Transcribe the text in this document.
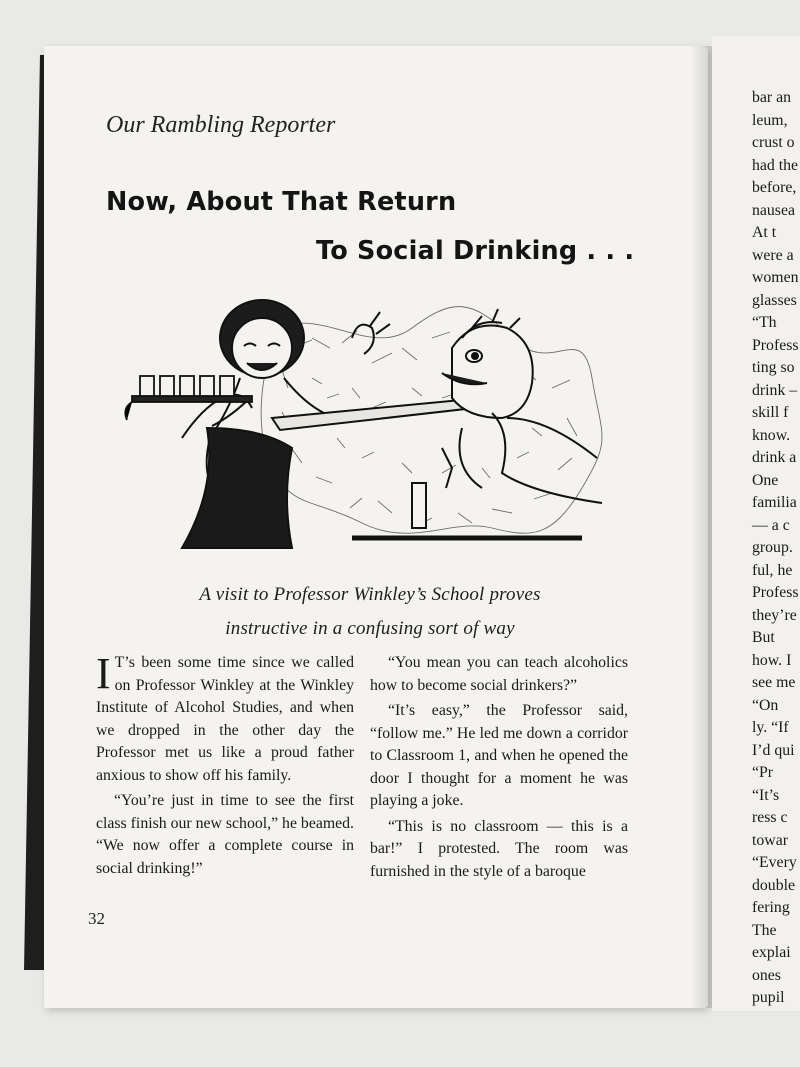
Our Rambling Reporter
Now, About That Return
To Social Drinking . . .
A visit to Professor Winkley’s School proves
instructive in a confusing sort of way

I T’s been some time since we called on Professor Winkley at the Winkley Institute of Alcohol Studies, and when we dropped in the other day the Professor met us like a proud father anxious to show off his family.

“You’re just in time to see the first class finish our new school,” he beamed. “We now offer a complete course in social drinking!”

“You mean you can teach alcoholics how to become social drinkers?”

“It’s easy,” the Professor said, “follow me.” He led me down a corridor to Classroom 1, and when he opened the door I thought for a moment he was playing a joke.

“This is no classroom — this is a bar!” I protested. The room was furnished in the style of a baroque

32
bar an
leum,
crust o
had the
before,
nausea
At t
were a
women
glasses
“Th
Profess
ting so
drink –
skill f
know.
drink a
One
familia
— a c
group.
ful, he
Profess
they’re
But
how. I
see me
“On
ly. “If
I’d qui
“Pr
“It’s
ress c
towar
“Every
double
fering
The
explai
ones
pupil
